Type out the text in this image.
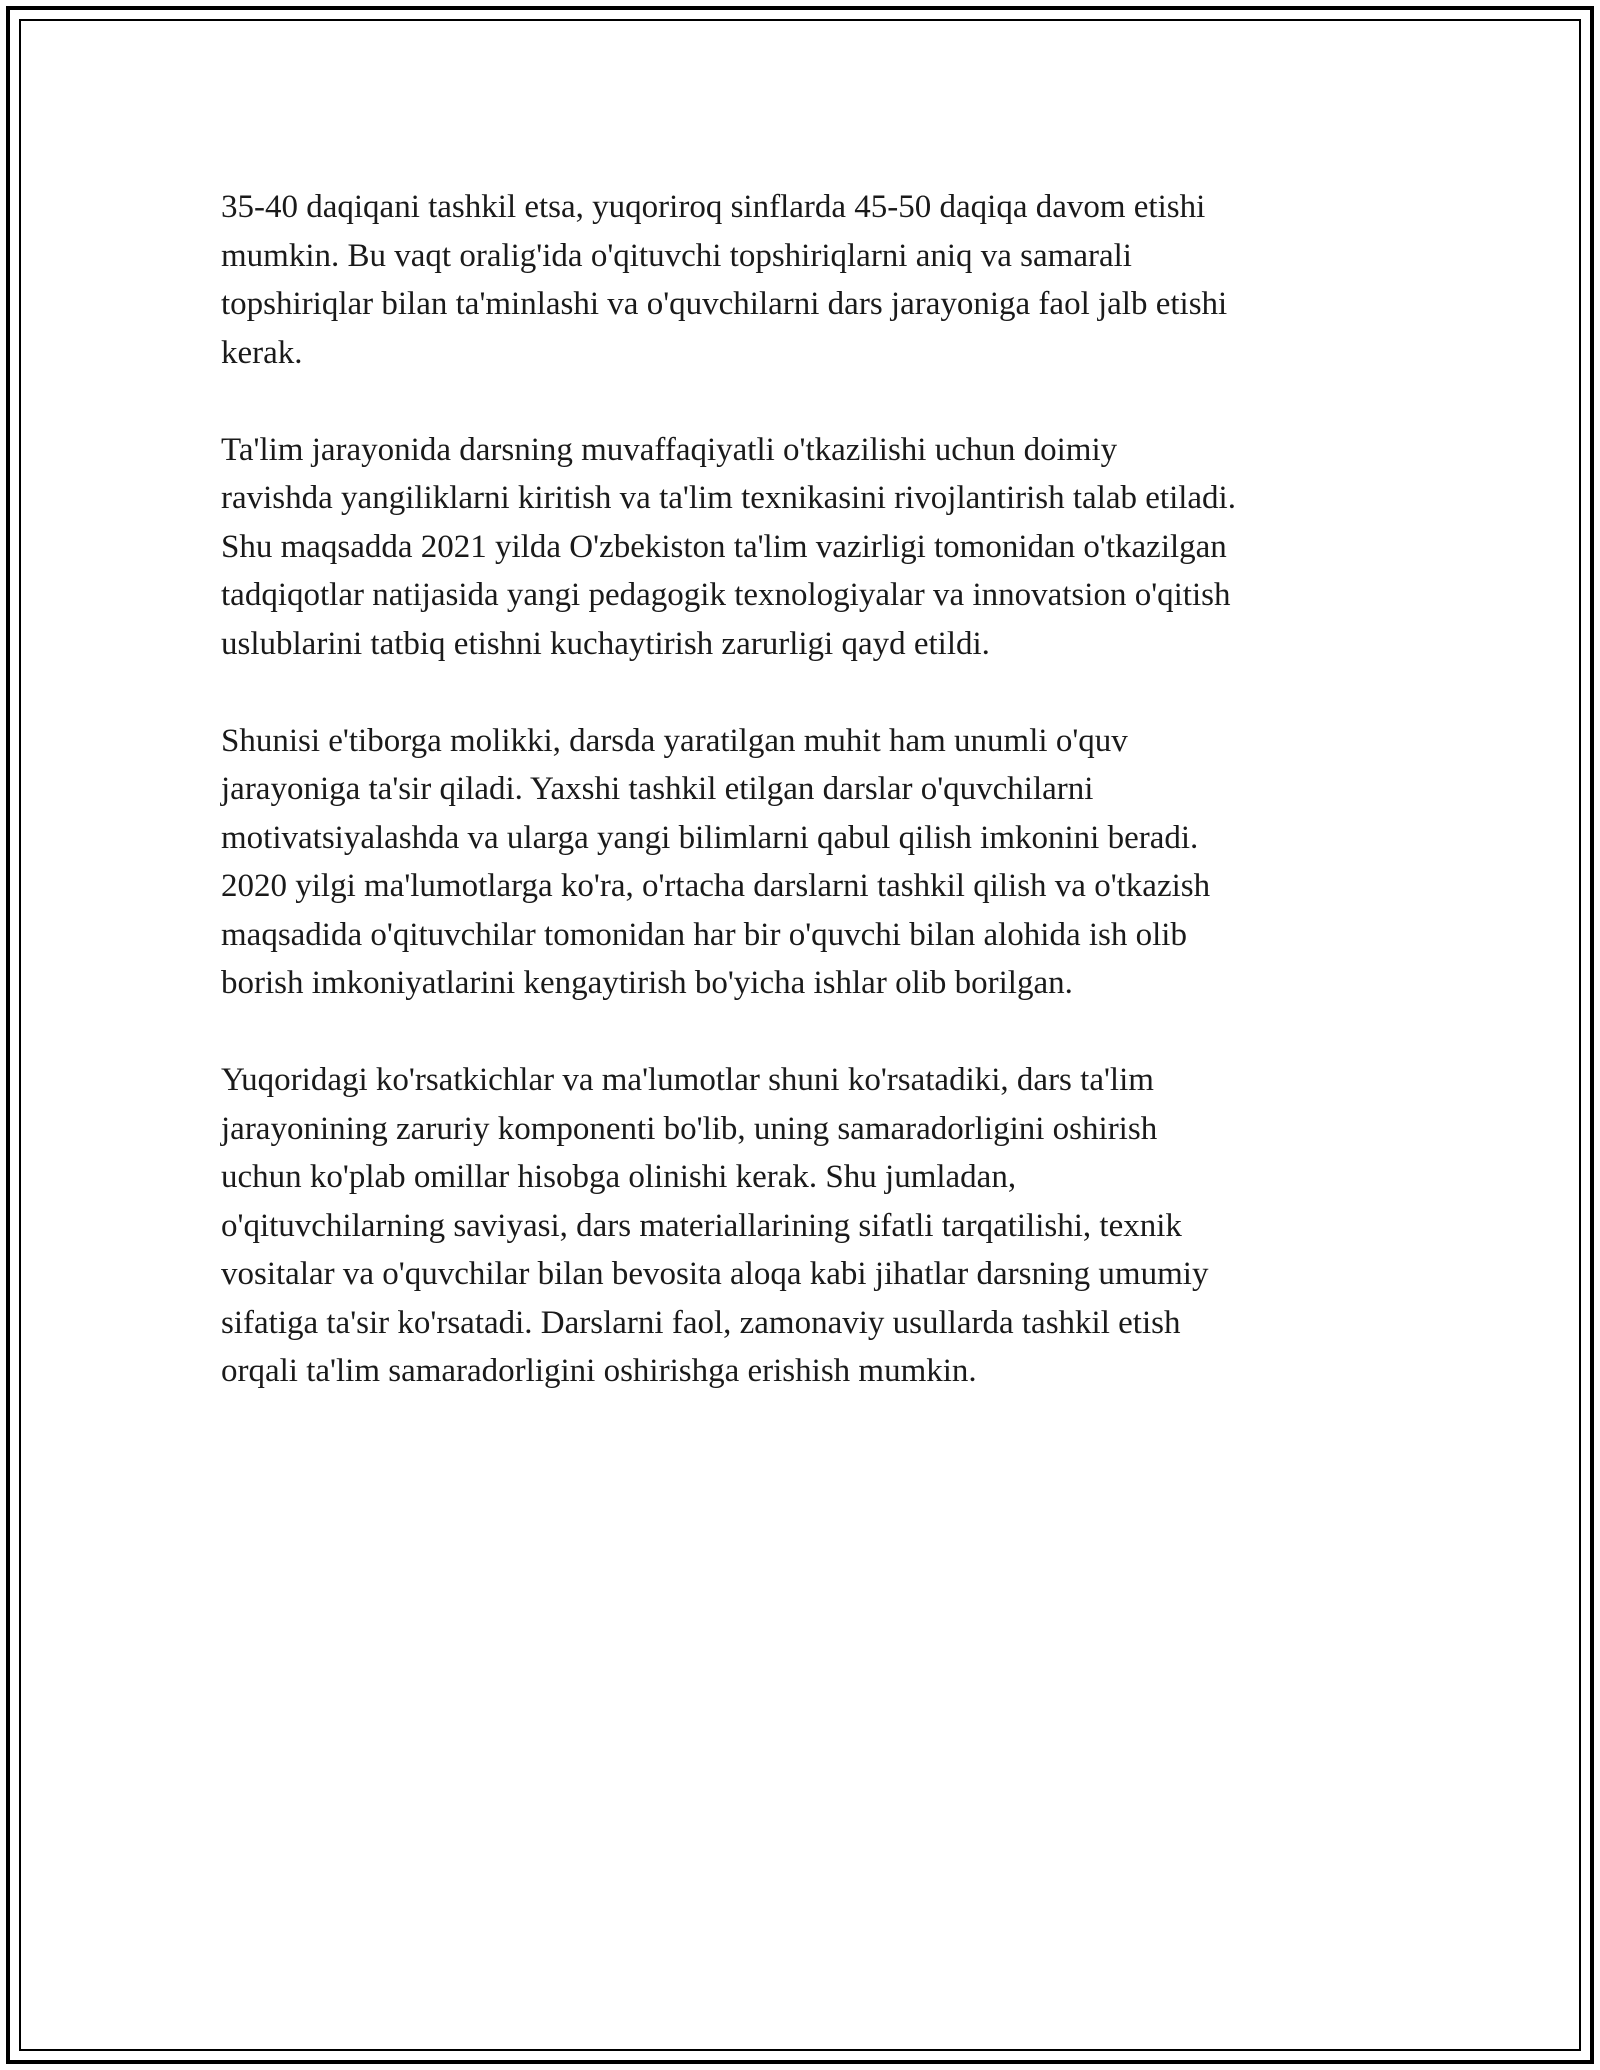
35-40 daqiqani tashkil etsa, yuqoriroq sinflarda 45-50 daqiqa davom etishi
mumkin. Bu vaqt oralig'ida o'qituvchi topshiriqlarni aniq va samarali
topshiriqlar bilan ta'minlashi va o'quvchilarni dars jarayoniga faol jalb etishi
kerak.

Ta'lim jarayonida darsning muvaffaqiyatli o'tkazilishi uchun doimiy
ravishda yangiliklarni kiritish va ta'lim texnikasini rivojlantirish talab etiladi.
Shu maqsadda 2021 yilda O'zbekiston ta'lim vazirligi tomonidan o'tkazilgan
tadqiqotlar natijasida yangi pedagogik texnologiyalar va innovatsion o'qitish
uslublarini tatbiq etishni kuchaytirish zarurligi qayd etildi.

Shunisi e'tiborga molikki, darsda yaratilgan muhit ham unumli o'quv
jarayoniga ta'sir qiladi. Yaxshi tashkil etilgan darslar o'quvchilarni
motivatsiyalashda va ularga yangi bilimlarni qabul qilish imkonini beradi.
2020 yilgi ma'lumotlarga ko'ra, o'rtacha darslarni tashkil qilish va o'tkazish
maqsadida o'qituvchilar tomonidan har bir o'quvchi bilan alohida ish olib
borish imkoniyatlarini kengaytirish bo'yicha ishlar olib borilgan.

Yuqoridagi ko'rsatkichlar va ma'lumotlar shuni ko'rsatadiki, dars ta'lim
jarayonining zaruriy komponenti bo'lib, uning samaradorligini oshirish
uchun ko'plab omillar hisobga olinishi kerak. Shu jumladan,
o'qituvchilarning saviyasi, dars materiallarining sifatli tarqatilishi, texnik
vositalar va o'quvchilar bilan bevosita aloqa kabi jihatlar darsning umumiy
sifatiga ta'sir ko'rsatadi. Darslarni faol, zamonaviy usullarda tashkil etish
orqali ta'lim samaradorligini oshirishga erishish mumkin.
